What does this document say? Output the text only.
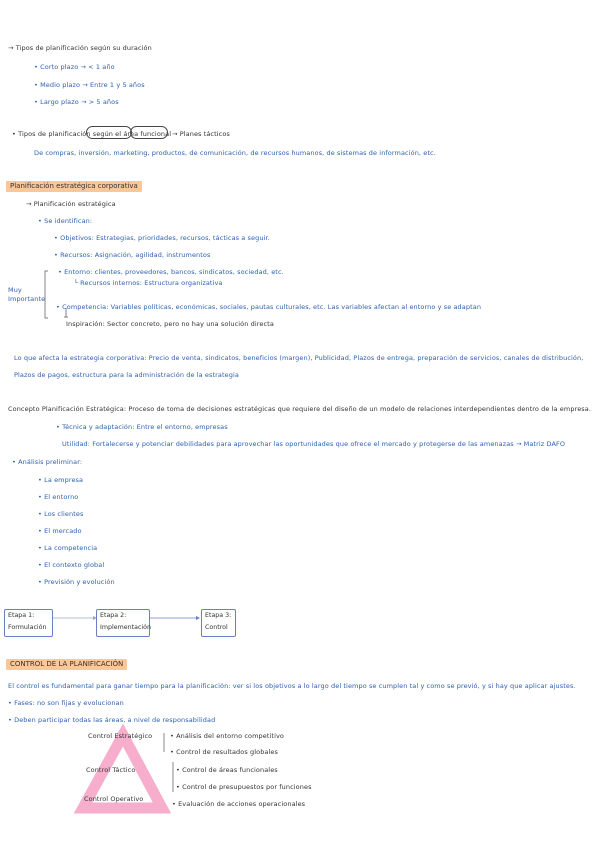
→ Tipos de planificación según su duración
• Corto plazo → < 1 año
• Medio plazo → Entre 1 y 5 años
• Largo plazo → > 5 años
• Tipos de planificación según el área funcional → Planes tácticos
De compras, inversión, marketing, productos, de comunicación, de recursos humanos, de sistemas de información, etc.
Planificación estratégica corporativa
→ Planificación estratégica
• Se identifican:
• Objetivos: Estrategias, prioridades, recursos, tácticas a seguir.
• Recursos: Asignación, agilidad, instrumentos
• Entorno: clientes, proveedores, bancos, sindicatos, sociedad, etc.
└ Recursos internos: Estructura organizativa
Muy
Importante
• Competencia: Variables políticas, económicas, sociales, pautas culturales, etc. Las variables afectan al entorno y se adaptan
Inspiración: Sector concreto, pero no hay una solución directa
Lo que afecta la estrategia corporativa: Precio de venta, sindicatos, beneficios (margen), Publicidad, Plazos de entrega, preparación de servicios, canales de distribución,
Plazos de pagos, estructura para la administración de la estrategia
Concepto Planificación Estratégica: Proceso de toma de decisiones estratégicas que requiere del diseño de un modelo de relaciones interdependientes dentro de la empresa.
• Técnica y adaptación: Entre el entorno, empresas
Utilidad: Fortalecerse y potenciar debilidades para aprovechar las oportunidades que ofrece el mercado y protegerse de las amenazas → Matriz DAFO
• Análisis preliminar:
• La empresa
• El entorno
• Los clientes
• El mercado
• La competencia
• El contexto global
• Previsión y evolución
Etapa 1:
Formulación
Etapa 2:
Implementación
Etapa 3:
Control
CONTROL DE LA PLANIFICACIÓN
El control es fundamental para ganar tiempo para la planificación: ver si los objetivos a lo largo del tiempo se cumplen tal y como se previó, y si hay que aplicar ajustes.
• Fases: no son fijas y evolucionan
• Deben participar todas las áreas, a nivel de responsabilidad
Control Estratégico
Control Táctico
Control Operativo
• Análisis del entorno competitivo
• Control de resultados globales
• Control de áreas funcionales
• Control de presupuestos por funciones
• Evaluación de acciones operacionales
